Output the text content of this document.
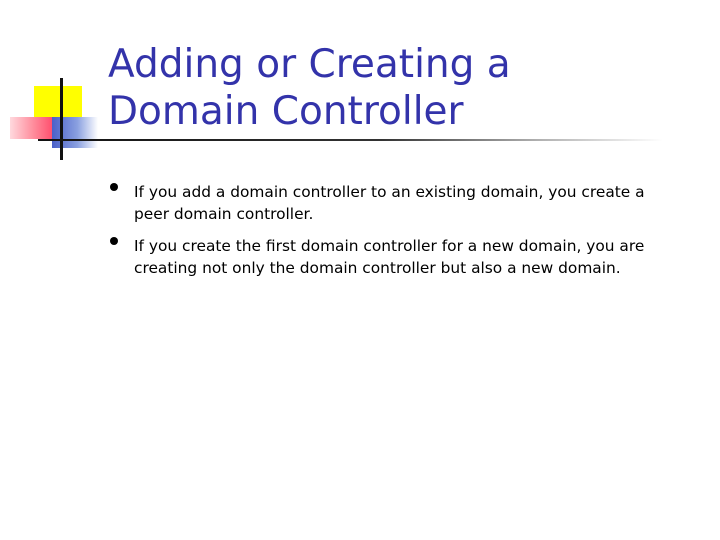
Adding or Creating a
Domain Controller
If you add a domain controller to an existing domain, you create a peer domain controller.
If you create the first domain controller for a new domain, you are creating not only the domain controller but also a new domain.
